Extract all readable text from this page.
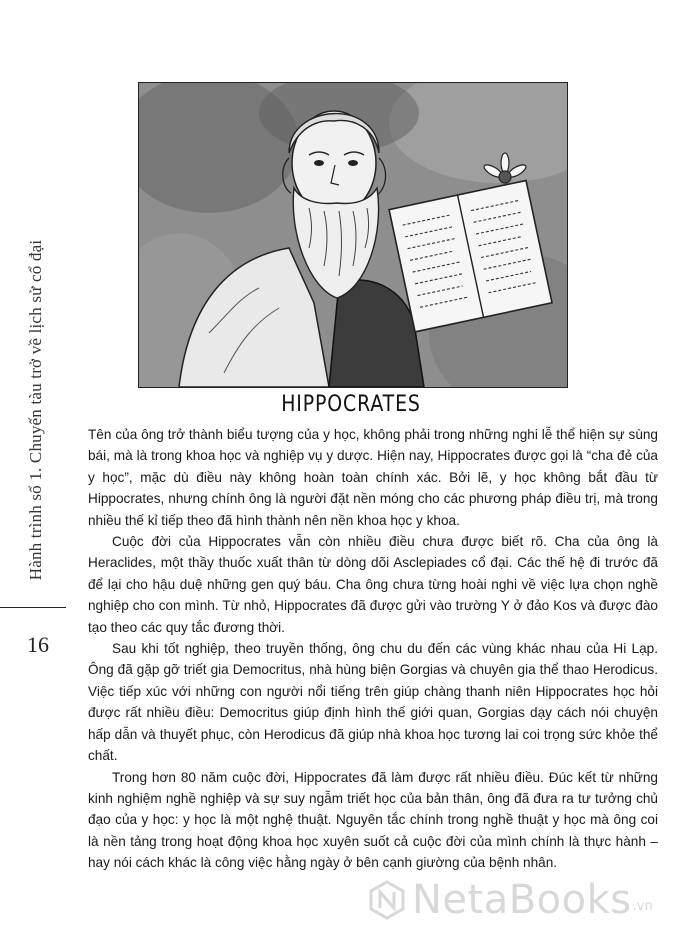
Hành trình số 1. Chuyến tàu trở về lịch sử cổ đại
16
HIPPOCRATES

Tên của ông trở thành biểu tượng của y học, không phải trong những nghi lễ thể hiện sự sùng bái, mà là trong khoa học và nghiệp vụ y dược. Hiện nay, Hippocrates được gọi là “cha đẻ của y học”, mặc dù điều này không hoàn toàn chính xác. Bởi lẽ, y học không bắt đầu từ Hippocrates, nhưng chính ông là người đặt nền móng cho các phương pháp điều trị, mà trong nhiều thế kỉ tiếp theo đã hình thành nên nền khoa học y khoa.

Cuộc đời của Hippocrates vẫn còn nhiều điều chưa được biết rõ. Cha của ông là Heraclides, một thầy thuốc xuất thân từ dòng dõi Asclepiades cổ đại. Các thế hệ đi trước đã để lại cho hậu duệ những gen quý báu. Cha ông chưa từng hoài nghi về việc lựa chọn nghề nghiệp cho con mình. Từ nhỏ, Hippocrates đã được gửi vào trường Y ở đảo Kos và được đào tạo theo các quy tắc đương thời.

Sau khi tốt nghiệp, theo truyền thống, ông chu du đến các vùng khác nhau của Hi Lạp. Ông đã gặp gỡ triết gia Democritus, nhà hùng biện Gorgias và chuyên gia thể thao Herodicus. Việc tiếp xúc với những con người nổi tiếng trên giúp chàng thanh niên Hippocrates học hỏi được rất nhiều điều: Democritus giúp định hình thế giới quan, Gorgias dạy cách nói chuyện hấp dẫn và thuyết phục, còn Herodicus đã giúp nhà khoa học tương lai coi trọng sức khỏe thể chất.

Trong hơn 80 năm cuộc đời, Hippocrates đã làm được rất nhiều điều. Đúc kết từ những kinh nghiệm nghề nghiệp và sự suy ngẫm triết học của bản thân, ông đã đưa ra tư tưởng chủ đạo của y học: y học là một nghệ thuật. Nguyên tắc chính trong nghề thuật y học mà ông coi là nền tảng trong hoạt động khoa học xuyên suốt cả cuộc đời của mình chính là thực hành – hay nói cách khác là công việc hằng ngày ở bên cạnh giường của bệnh nhân.

NetaBooks .vn
